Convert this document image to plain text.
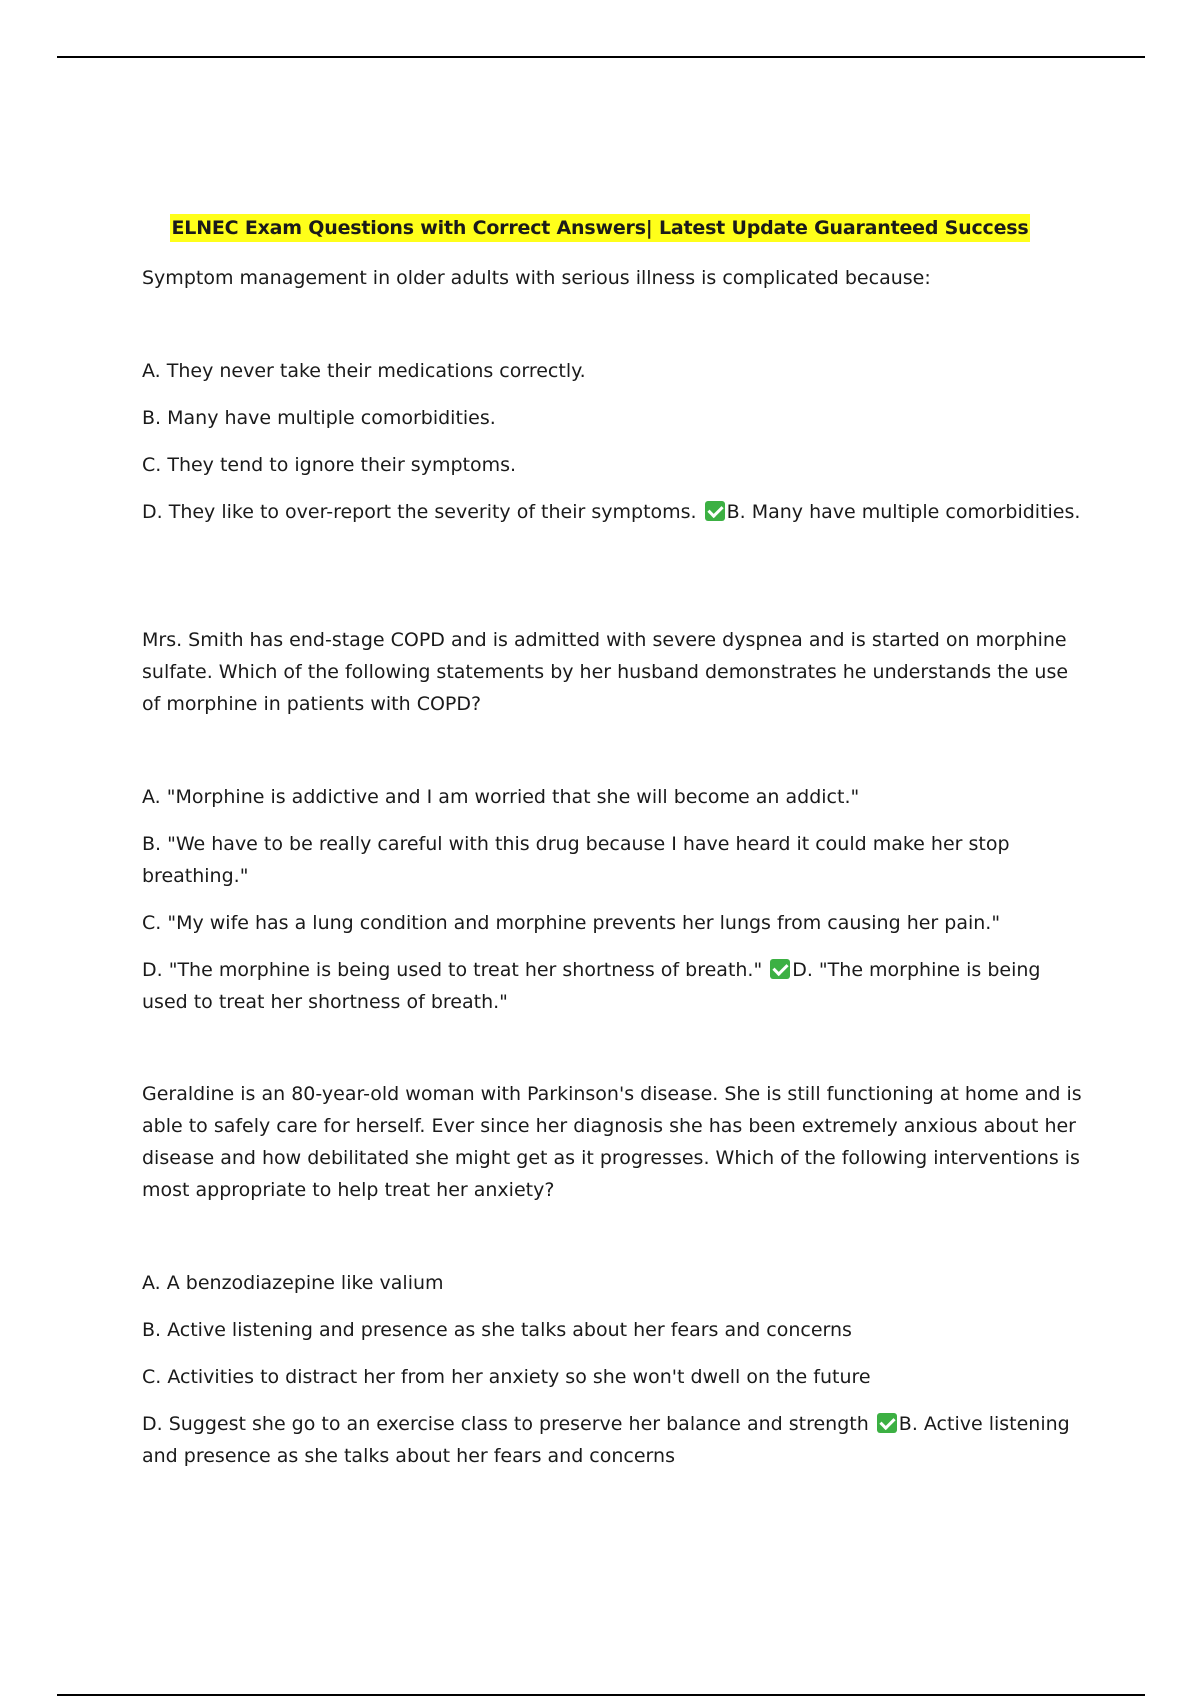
ELNEC Exam Questions with Correct Answers| Latest Update Guaranteed Success

Symptom management in older adults with serious illness is complicated because:

A. They never take their medications correctly.

B. Many have multiple comorbidities.

C. They tend to ignore their symptoms.

D. They like to over-report the severity of their symptoms. B. Many have multiple comorbidities.

Mrs. Smith has end-stage COPD and is admitted with severe dyspnea and is started on morphine sulfate. Which of the following statements by her husband demonstrates he understands the use of morphine in patients with COPD?

A. "Morphine is addictive and I am worried that she will become an addict."

B. "We have to be really careful with this drug because I have heard it could make her stop breathing."

C. "My wife has a lung condition and morphine prevents her lungs from causing her pain."

D. "The morphine is being used to treat her shortness of breath." D. "The morphine is being used to treat her shortness of breath."

Geraldine is an 80-year-old woman with Parkinson's disease. She is still functioning at home and is able to safely care for herself. Ever since her diagnosis she has been extremely anxious about her disease and how debilitated she might get as it progresses. Which of the following interventions is most appropriate to help treat her anxiety?

A. A benzodiazepine like valium

B. Active listening and presence as she talks about her fears and concerns

C. Activities to distract her from her anxiety so she won't dwell on the future

D. Suggest she go to an exercise class to preserve her balance and strength B. Active listening and presence as she talks about her fears and concerns
